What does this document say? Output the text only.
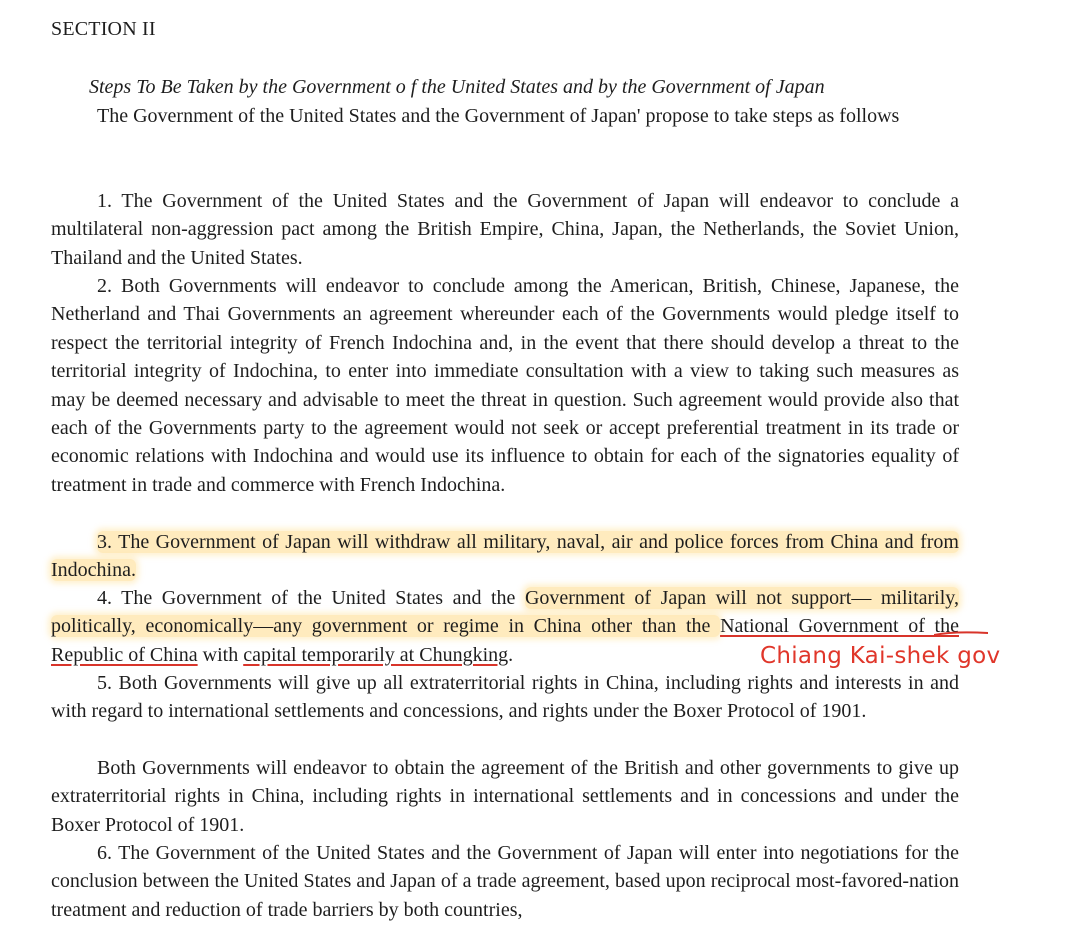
SECTION II
Steps To Be Taken by the Government o f the United States and by the Government of Japan
The Government of the United States and the Government of Japan' propose to take steps as follows
1. The Government of the United States and the Government of Japan will endeavor to conclude a multilateral non-aggression pact among the British Empire, China, Japan, the Netherlands, the Soviet Union, Thailand and the United States.
2. Both Governments will endeavor to conclude among the American, British, Chinese, Japanese, the Netherland and Thai Governments an agreement whereunder each of the Governments would pledge itself to respect the territorial integrity of French Indochina and, in the event that there should develop a threat to the territorial integrity of Indochina, to enter into immediate consultation with a view to taking such measures as may be deemed necessary and advisable to meet the threat in question. Such agreement would provide also that each of the Governments party to the agreement would not seek or accept preferential treatment in its trade or economic relations with Indochina and would use its influence to obtain for each of the signatories equality of treatment in trade and commerce with French Indochina.
3. The Government of Japan will withdraw all military, naval, air and police forces from China and from Indochina.
4. The Government of the United States and the Government of Japan will not support— militarily, politically, economically—any government or regime in China other than the National Government of the Republic of China with capital temporarily at Chungking.
5. Both Governments will give up all extraterritorial rights in China, including rights and interests in and with regard to international settlements and concessions, and rights under the Boxer Protocol of 1901.
Both Governments will endeavor to obtain the agreement of the British and other governments to give up extraterritorial rights in China, including rights in international settlements and in concessions and under the Boxer Protocol of 1901.
6. The Government of the United States and the Government of Japan will enter into negotiations for the conclusion between the United States and Japan of a trade agreement, based upon reciprocal most-favored-nation treatment and reduction of trade barriers by both countries,
Chiang Kai-shek gov
